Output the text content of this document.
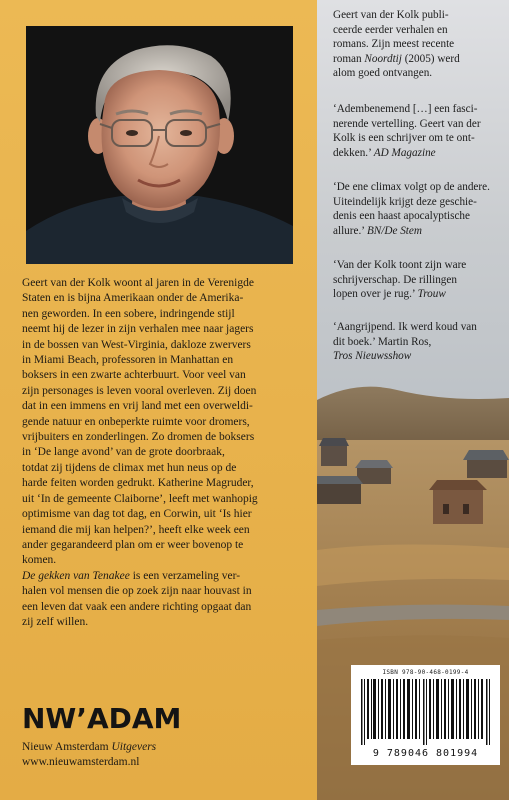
Geert van der Kolk woont al jaren in de Verenigde

Staten en is bijna Amerikaan onder de Amerika-

nen geworden. In een sobere, indringende stijl

neemt hij de lezer in zijn verhalen mee naar jagers

in de bossen van West-Virginia, dakloze zwervers

in Miami Beach, professoren in Manhattan en

boksers in een zwarte achterbuurt. Voor veel van

zijn personages is leven vooral overleven. Zij doen

dat in een immens en vrij land met een overweldi-

gende natuur en onbeperkte ruimte voor dromers,

vrijbuiters en zonderlingen. Zo dromen de boksers

in ‘De lange avond’ van de grote doorbraak,

totdat zij tijdens de climax met hun neus op de

harde feiten worden gedrukt. Katherine Magruder,

uit ‘In de gemeente Claiborne’, leeft met wanhopig

optimisme van dag tot dag, en Corwin, uit ‘Is hier

iemand die mij kan helpen?’, heeft elke week een

ander gegarandeerd plan om er weer bovenop te

komen.

De gekken van Tenakee is een verzameling ver-

halen vol mensen die op zoek zijn naar houvast in

een leven dat vaak een andere richting opgaat dan

zij zelf willen.

NW’ADAM
Nieuw Amsterdam Uitgevers
www.nieuwamsterdam.nl
Geert van der Kolk publi-
ceerde eerder verhalen en
romans. Zijn meest recente
roman Noordtij (2005) werd
alom goed ontvangen.
‘Adembenemend […] een fasci-
nerende vertelling. Geert van der
Kolk is een schrijver om te ont-
dekken.’ AD Magazine
‘De ene climax volgt op de andere.
Uiteindelijk krijgt deze geschie-
denis een haast apocalyptische
allure.’ BN/De Stem
‘Van der Kolk toont zijn ware
schrijverschap. De rillingen
lopen over je rug.’ Trouw
‘Aangrijpend. Ik werd koud van
dit boek.’ Martin Ros,
Tros Nieuwsshow
ISBN 978-90-468-0199-4
9 789046 801994
